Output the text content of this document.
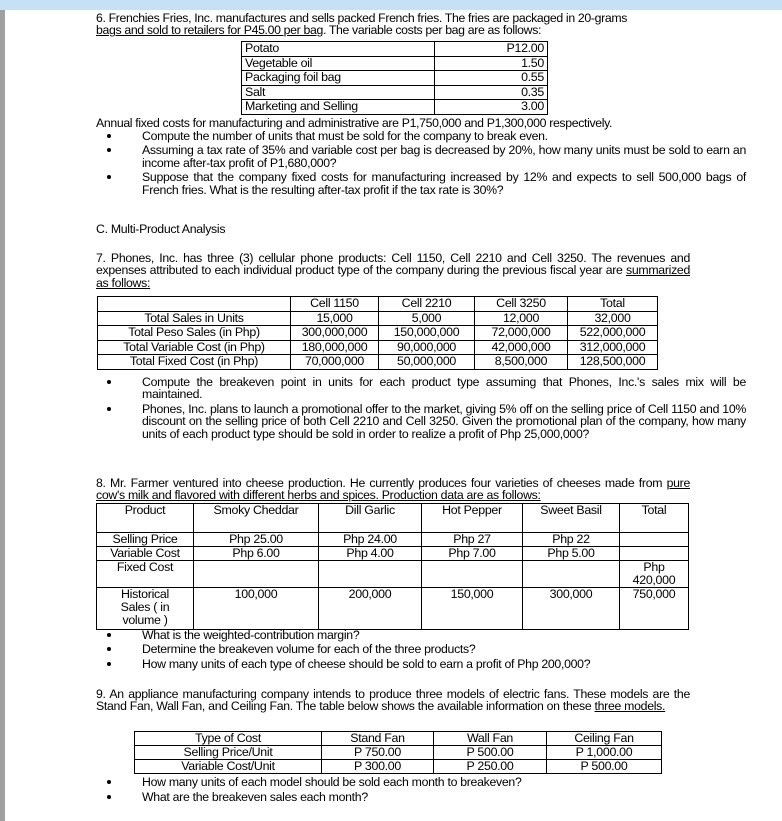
6. Frenchies Fries, Inc. manufactures and sells packed French fries. The fries are packaged in 20-grams
bags and sold to retailers for P45.00 per bag. The variable costs per bag are as follows:
Potato	P12.00
Vegetable oil	1.50
Packaging foil bag	0.55
Salt	0.35
Marketing and Selling	3.00
Annual fixed costs for manufacturing and administrative are P1,750,000 and P1,300,000 respectively.
Compute the number of units that must be sold for the company to break even.
Assuming a tax rate of 35% and variable cost per bag is decreased by 20%, how many units must be sold to earn an income after-tax profit of P1,680,000?
Suppose that the company fixed costs for manufacturing increased by 12% and expects to sell 500,000 bags of French fries. What is the resulting after-tax profit if the tax rate is 30%?
C. Multi-Product Analysis
7. Phones, Inc. has three (3) cellular phone products: Cell 1150, Cell 2210 and Cell 3250. The revenues and expenses attributed to each individual product type of the company during the previous fiscal year are summarized as follows:
	Cell 1150	Cell 2210	Cell 3250	Total
Total Sales in Units	15,000	5,000	12,000	32,000
Total Peso Sales (in Php)	300,000,000	150,000,000	72,000,000	522,000,000
Total Variable Cost (in Php)	180,000,000	90,000,000	42,000,000	312,000,000
Total Fixed Cost (in Php)	70,000,000	50,000,000	8,500,000	128,500,000
Compute the breakeven point in units for each product type assuming that Phones, Inc.'s sales mix will be maintained.
Phones, Inc. plans to launch a promotional offer to the market, giving 5% off on the selling price of Cell 1150 and 10% discount on the selling price of both Cell 2210 and Cell 3250. Given the promotional plan of the company, how many units of each product type should be sold in order to realize a profit of Php 25,000,000?
8. Mr. Farmer ventured into cheese production. He currently produces four varieties of cheeses made from pure cow's milk and flavored with different herbs and spices. Production data are as follows:
Product	Smoky Cheddar	Dill Garlic	Hot Pepper	Sweet Basil	Total
Selling Price	Php 25.00	Php 24.00	Php 27	Php 22	
Variable Cost	Php 6.00	Php 4.00	Php 7.00	Php 5.00	
Fixed Cost					Php 420,000
Historical Sales ( in volume )	100,000	200,000	150,000	300,000	750,000
What is the weighted-contribution margin?
Determine the breakeven volume for each of the three products?
How many units of each type of cheese should be sold to earn a profit of Php 200,000?
9. An appliance manufacturing company intends to produce three models of electric fans. These models are the Stand Fan, Wall Fan, and Ceiling Fan. The table below shows the available information on these three models.
Type of Cost	Stand Fan	Wall Fan	Ceiling Fan
Selling Price/Unit	P 750.00	P 500.00	P 1,000.00
Variable Cost/Unit	P 300.00	P 250.00	P 500.00
How many units of each model should be sold each month to breakeven?
What are the breakeven sales each month?
